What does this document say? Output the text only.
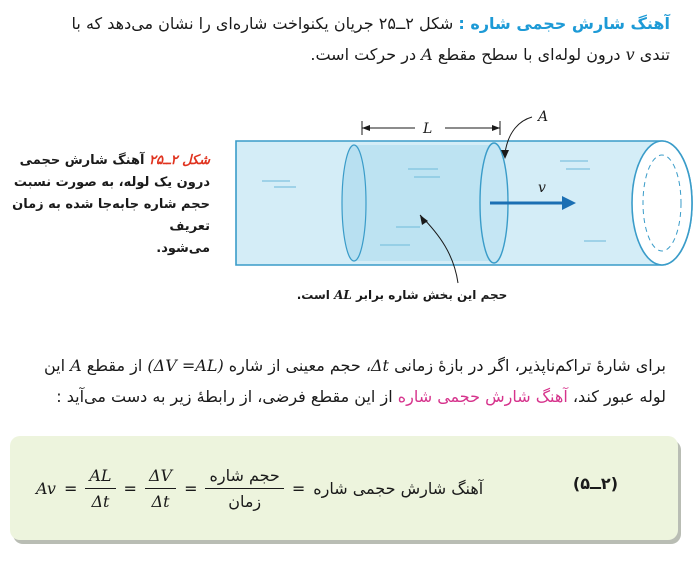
آهنگ شارش حجمی شاره : شکل ۲ــ۲۵ جریان یکنواخت شاره‌ای را نشان می‌دهد که با
تندی v درون لوله‌ای با سطح مقطع A در حرکت است.
v
L
A
شکل ۲ــ۲۵ آهنگ شارش حجمی
درون یک لوله، به صورت نسبت
حجم شاره جابه‌جا شده به زمان تعریف
می‌شود.
حجم این بخش شاره برابر AL است.
برای شارهٔ تراکم‌ناپذیر، اگر در بازهٔ زمانی Δt، حجم معینی از شاره (ΔV =AL) از مقطع A این
لوله عبور کند، آهنگ شارش حجمی شاره از این مقطع فرضی، از رابطهٔ زیر به دست می‌آید :
$Av = \frac{AL}{\Delta t} = \frac{\Delta V}{\Delta t} = \frac{\text{حجم شاره}}{\text{زمان}}$ = آهنگ شارش حجمی شاره	(۲ــ۵)
